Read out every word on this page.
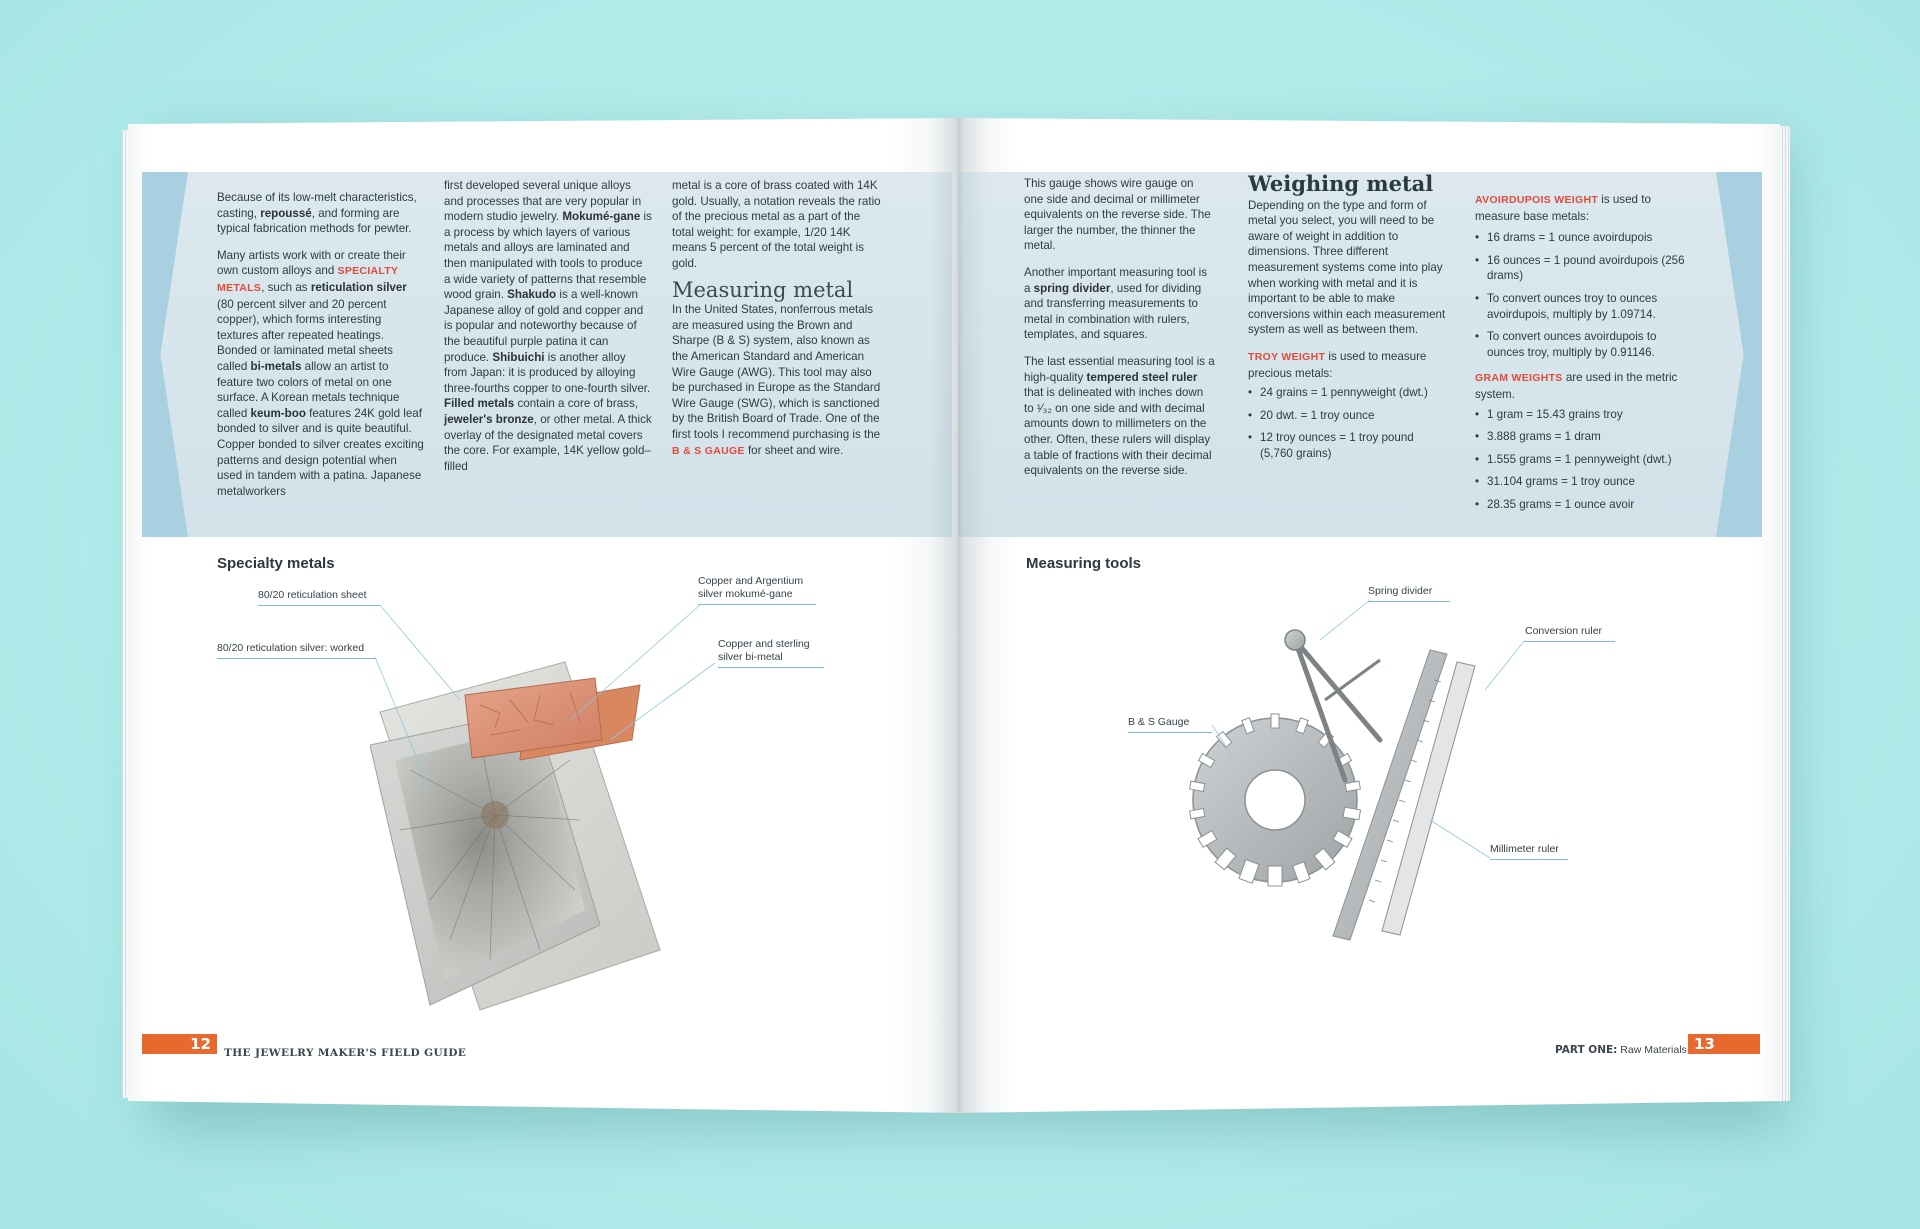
Because of its low-melt characteristics, casting, repoussé, and forming are typical fabrication methods for pewter.

Many artists work with or create their own custom alloys and SPECIALTY METALS, such as reticulation silver (80 percent silver and 20 percent copper), which forms interesting textures after repeated heatings. Bonded or laminated metal sheets called bi-metals allow an artist to feature two colors of metal on one surface. A Korean metals technique called keum-boo features 24K gold leaf bonded to silver and is quite beautiful. Copper bonded to silver creates exciting patterns and design potential when used in tandem with a patina. Japanese metalworkers

first developed several unique alloys and processes that are very popular in modern studio jewelry. Mokumé-gane is a process by which layers of various metals and alloys are laminated and then manipulated with tools to produce a wide variety of patterns that resemble wood grain. Shakudo is a well-known Japanese alloy of gold and copper and is popular and noteworthy because of the beautiful purple patina it can produce. Shibuichi is another alloy from Japan: it is produced by alloying three-fourths copper to one-fourth silver. Filled metals contain a core of brass, jeweler's bronze, or other metal. A thick overlay of the designated metal covers the core. For example, 14K yellow gold–filled

metal is a core of brass coated with 14K gold. Usually, a notation reveals the ratio of the precious metal as a part of the total weight: for example, 1/20 14K means 5 percent of the total weight is gold.

Measuring metal

In the United States, nonferrous metals are measured using the Brown and Sharpe (B & S) system, also known as the American Standard and American Wire Gauge (AWG). This tool may also be purchased in Europe as the Standard Wire Gauge (SWG), which is sanctioned by the British Board of Trade. One of the first tools I recommend purchasing is the B & S GAUGE for sheet and wire.

This gauge shows wire gauge on one side and decimal or millimeter equivalents on the reverse side. The larger the number, the thinner the metal.

Another important measuring tool is a spring divider, used for dividing and transferring measurements to metal in combination with rulers, templates, and squares.

The last essential measuring tool is a high-quality tempered steel ruler that is delineated with inches down to ¹⁄₃₂ on one side and with decimal amounts down to millimeters on the other. Often, these rulers will display a table of fractions with their decimal equivalents on the reverse side.

Weighing metal

Depending on the type and form of metal you select, you will need to be aware of weight in addition to dimensions. Three different measurement systems come into play when working with metal and it is important to be able to make conversions within each measurement system as well as between them.

TROY WEIGHT is used to measure precious metals:

• 24 grains = 1 pennyweight (dwt.)
• 20 dwt. = 1 troy ounce
• 12 troy ounces = 1 troy pound (5,760 grains)

AVOIRDUPOIS WEIGHT is used to measure base metals:

• 16 drams = 1 ounce avoirdupois
• 16 ounces = 1 pound avoirdupois (256 drams)
• To convert ounces troy to ounces avoirdupois, multiply by 1.09714.
• To convert ounces avoirdupois to ounces troy, multiply by 0.91146.

GRAM WEIGHTS are used in the metric system.

• 1 gram = 15.43 grains troy
• 3.888 grams = 1 dram
• 1.555 grams = 1 pennyweight (dwt.)
• 31.104 grams = 1 troy ounce
• 28.35 grams = 1 ounce avoir
Specialty metals	Measuring tools
80/20 reticulation sheet
80/20 reticulation silver: worked
Copper and Argentium silver mokumé-gane
Copper and sterling silver bi-metal
Spring divider
Conversion ruler
B & S Gauge
Millimeter ruler
12	THE JEWELRY MAKER'S FIELD GUIDE	PART ONE: Raw Materials 13
